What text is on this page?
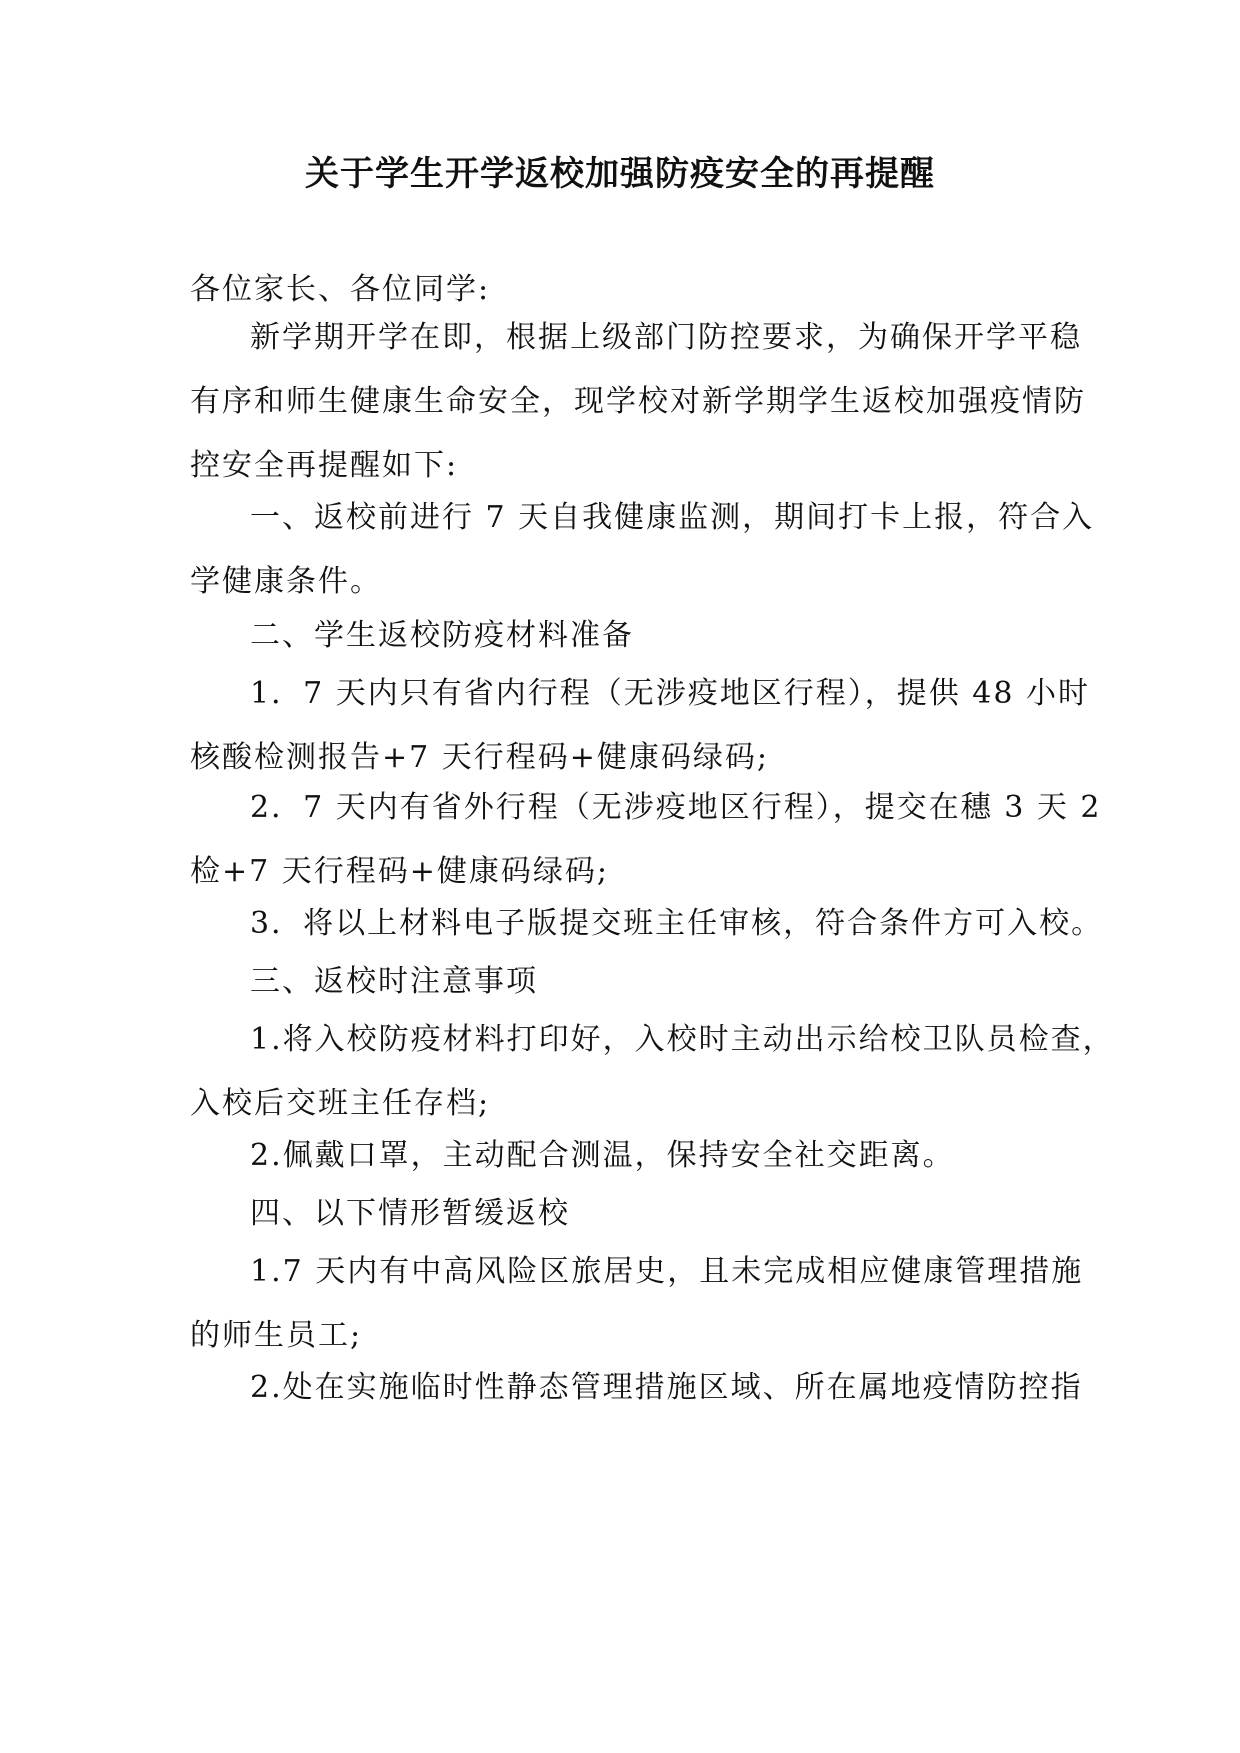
关于学生开学返校加强防疫安全的再提醒

各位家长、各位同学:

新学期开学在即，根据上级部门防控要求，为确保开学平稳
有序和师生健康生命安全，现学校对新学期学生返校加强疫情防
控安全再提醒如下:

一、返校前进行 7 天自我健康监测，期间打卡上报，符合入
学健康条件。

二、学生返校防疫材料准备

1．7 天内只有省内行程（无涉疫地区行程），提供 48 小时
核酸检测报告+7 天行程码+健康码绿码;

2．7 天内有省外行程（无涉疫地区行程），提交在穗 3 天 2
检+7 天行程码+健康码绿码;

3．将以上材料电子版提交班主任审核，符合条件方可入校。

三、返校时注意事项

1.将入校防疫材料打印好，入校时主动出示给校卫队员检查，
入校后交班主任存档;

2.佩戴口罩，主动配合测温，保持安全社交距离。

四、以下情形暂缓返校

1.7 天内有中高风险区旅居史，且未完成相应健康管理措施
的师生员工;

2.处在实施临时性静态管理措施区域、所在属地疫情防控指
